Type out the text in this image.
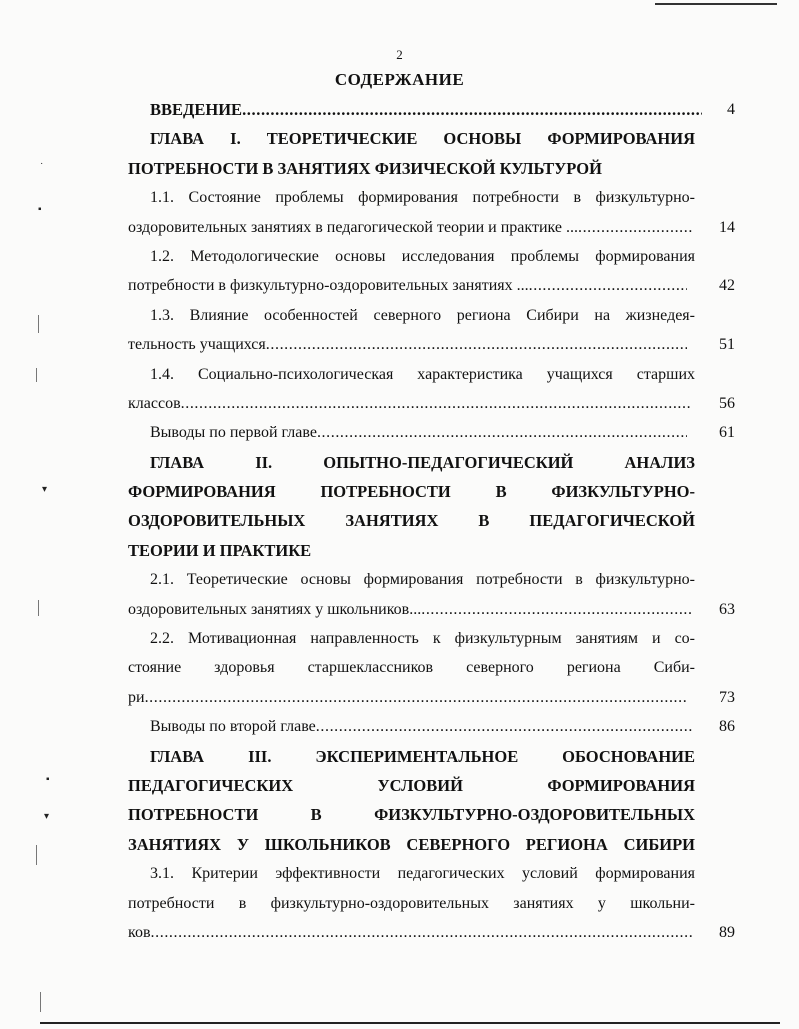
˙
▪
▾
▪
▾
2
СОДЕРЖАНИЕ
ВВЕДЕНИЕ .....	4
ГЛАВА I. ТЕОРЕТИЧЕСКИЕ ОСНОВЫ ФОРМИРОВАНИЯ
ПОТРЕБНОСТИ В ЗАНЯТИЯХ ФИЗИЧЕСКОЙ КУЛЬТУРОЙ
1.1. Состояние проблемы формирования потребности в физкультурно-
оздоровительных занятиях в педагогической теории и практике ... .....	14
1.2. Методологические основы исследования проблемы формирования
потребности в физкультурно-оздоровительных занятиях ... .....	42
1.3. Влияние особенностей северного региона Сибири на жизнедея-
тельность учащихся .....	51
1.4. Социально-психологическая характеристика учащихся старших
классов .....	56
Выводы по первой главе .....	61
ГЛАВА II. ОПЫТНО-ПЕДАГОГИЧЕСКИЙ АНАЛИЗ
ФОРМИРОВАНИЯ ПОТРЕБНОСТИ В ФИЗКУЛЬТУРНО-
ОЗДОРОВИТЕЛЬНЫХ ЗАНЯТИЯХ В ПЕДАГОГИЧЕСКОЙ
ТЕОРИИ И ПРАКТИКЕ
2.1. Теоретические основы формирования потребности в физкультурно-
оздоровительных занятиях у школьников... .....	63
2.2. Мотивационная направленность к физкультурным занятиям и со-
стояние здоровья старшеклассников северного региона Сиби-
ри .....	73
Выводы по второй главе .....	86
ГЛАВА III. ЭКСПЕРИМЕНТАЛЬНОЕ ОБОСНОВАНИЕ
ПЕДАГОГИЧЕСКИХ УСЛОВИЙ ФОРМИРОВАНИЯ
ПОТРЕБНОСТИ В ФИЗКУЛЬТУРНО-ОЗДОРОВИТЕЛЬНЫХ
ЗАНЯТИЯХ У ШКОЛЬНИКОВ СЕВЕРНОГО РЕГИОНА СИБИРИ
3.1. Критерии эффективности педагогических условий формирования
потребности в физкультурно-оздоровительных занятиях у школьни-
ков .....	89
